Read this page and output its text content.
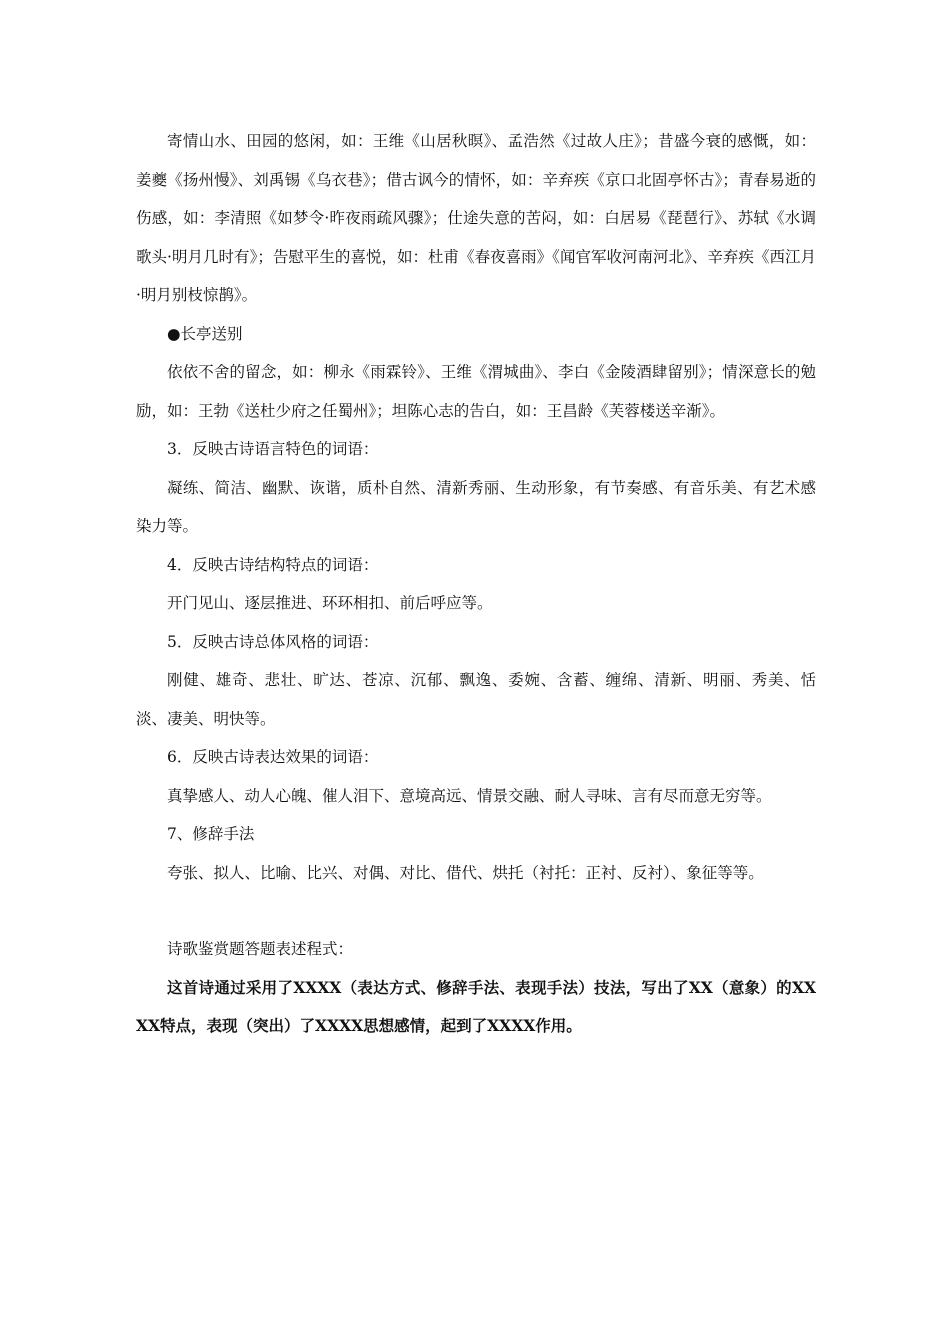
寄情山水、田园的悠闲，如：王维《山居秋暝》、孟浩然《过故人庄》；昔盛今衰的感慨，如：姜夔《扬州慢》、刘禹锡《乌衣巷》；借古讽今的情怀，如：辛弃疾《京口北固亭怀古》；青春易逝的伤感，如：李清照《如梦令·昨夜雨疏风骤》；仕途失意的苦闷，如：白居易《琵琶行》、苏轼《水调歌头·明月几时有》；告慰平生的喜悦，如：杜甫《春夜喜雨》《闻官军收河南河北》、辛弃疾《西江月·明月别枝惊鹊》。

●长亭送别

依依不舍的留念，如：柳永《雨霖铃》、王维《渭城曲》、李白《金陵酒肆留别》；情深意长的勉励，如：王勃《送杜少府之任蜀州》；坦陈心志的告白，如：王昌龄《芙蓉楼送辛渐》。

3．反映古诗语言特色的词语：

凝练、简洁、幽默、诙谐，质朴自然、清新秀丽、生动形象，有节奏感、有音乐美、有艺术感染力等。

4．反映古诗结构特点的词语：

开门见山、逐层推进、环环相扣、前后呼应等。

5．反映古诗总体风格的词语：

刚健、雄奇、悲壮、旷达、苍凉、沉郁、飘逸、委婉、含蓄、缠绵、清新、明丽、秀美、恬淡、凄美、明快等。

6．反映古诗表达效果的词语：

真挚感人、动人心魄、催人泪下、意境高远、情景交融、耐人寻味、言有尽而意无穷等。

7、修辞手法

夸张、拟人、比喻、比兴、对偶、对比、借代、烘托（衬托：正衬、反衬）、象征等等。

诗歌鉴赏题答题表述程式：

这首诗通过采用了XXXX（表达方式、修辞手法、表现手法）技法，写出了XX（意象）的XXXX特点，表现（突出）了XXXX思想感情，起到了XXXX作用。
